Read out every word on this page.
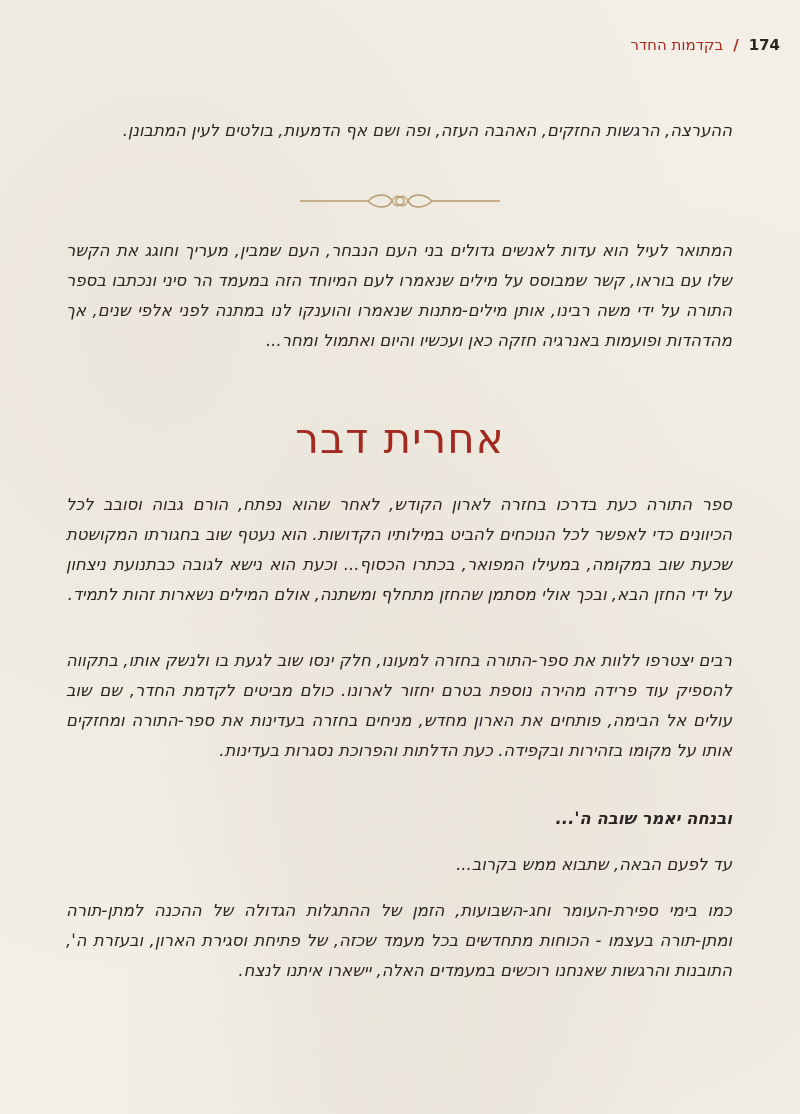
בקדמות החדר / 174

ההערצה, הרגשות החזקים, האהבה העזה, ופה ושם אף הדמעות, בולטים לעין המתבונן.

המתואר לעיל הוא עדות לאנשים גדולים בני העם הנבחר, העם שמבין, מעריך וחוגג את הקשר שלו עם בוראו, קשר שמבוסס על מילים שנאמרו לעם המיוחד הזה במעמד הר סיני ונכתבו בספר התורה על ידי משה רבינו, אותן מילים-מתנות שנאמרו והוענקו לנו במתנה לפני אלפי שנים, אך מהדהדות ופועמות באנרגיה חזקה כאן ועכשיו והיום ואתמול ומחר...

אחרית דבר

ספר התורה כעת בדרכו בחזרה לארון הקודש, לאחר שהוא נפתח, הורם גבוה וסובב לכל הכיוונים כדי לאפשר לכל הנוכחים להביט במילותיו הקדושות. הוא נעטף שוב בחגורתו המקושטת שכעת שוב במקומה, במעילו המפואר, בכתרו הכסוף... וכעת הוא נישא לגובה כבתנועת ניצחון על ידי החזן הבא, ובכך אולי מסתמן שהחזן מתחלף ומשתנה, אולם המילים נשארות זהות לתמיד.

רבים יצטרפו ללוות את ספר-התורה בחזרה למעונו, חלק ינסו שוב לגעת בו ולנשק אותו, בתקווה להספיק עוד פרידה מהירה נוספת בטרם יחזור לארונו. כולם מביטים לקדמת החדר, שם שוב עולים אל הבימה, פותחים את הארון מחדש, מניחים בחזרה בעדינות את ספר-התורה ומחזקים אותו על מקומו בזהירות ובקפידה. כעת הדלתות והפרוכת נסגרות בעדינות.

ובנחה יאמר שובה ה'...

עד לפעם הבאה, שתבוא ממש בקרוב...

כמו בימי ספירת-העומר וחג-השבועות, הזמן של ההתגלות הגדולה של ההכנה למתן-תורה ומתן-תורה בעצמו - הכוחות מתחדשים בכל מעמד שכזה, של פתיחת וסגירת הארון, ובעזרת ה', התובנות והרגשות שאנחנו רוכשים במעמדים האלה, יישארו איתנו לנצח.
